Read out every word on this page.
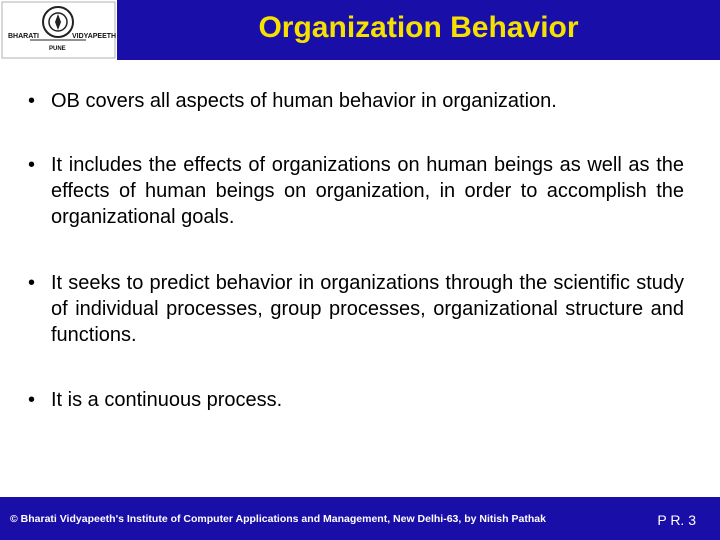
BHARATI	VIDYAPEETH
PUNE
Organization Behavior
• OB covers all aspects of human behavior in organization.
• It includes the effects of organizations on human beings as well as the effects of human beings on organization, in order to accomplish the organizational goals.
• It seeks to predict behavior in organizations through the scientific study of individual processes, group processes, organizational structure and functions.
• It is a continuous process.
© Bharati Vidyapeeth's Institute of Computer Applications and Management, New Delhi-63, by Nitish Pathak	P R. 3
